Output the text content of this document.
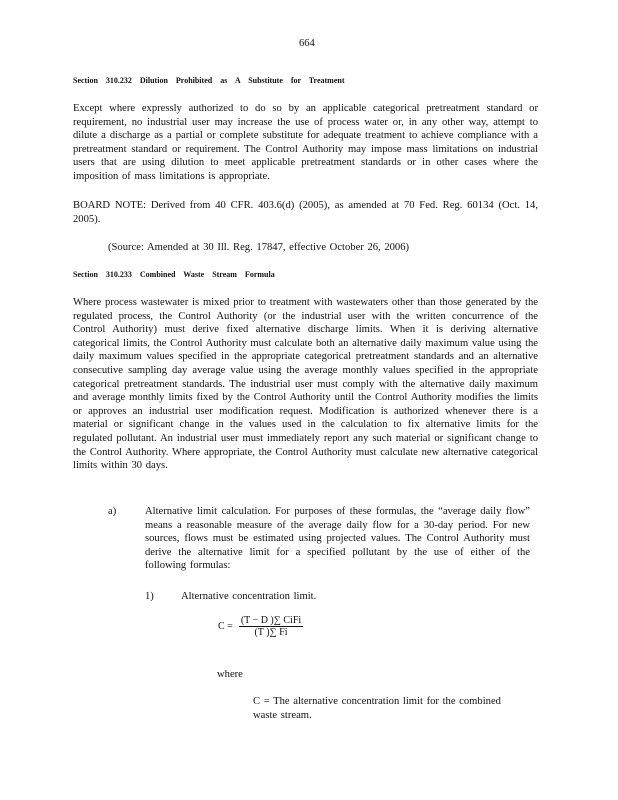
664
Section 310.232 Dilution Prohibited as A Substitute for Treatment
Except where expressly authorized to do so by an applicable categorical pretreatment standard or requirement, no industrial user may increase the use of process water or, in any other way, attempt to dilute a discharge as a partial or complete substitute for adequate treatment to achieve compliance with a pretreatment standard or requirement. The Control Authority may impose mass limitations on industrial users that are using dilution to meet applicable pretreatment standards or in other cases where the imposition of mass limitations is appropriate.
BOARD NOTE: Derived from 40 CFR. 403.6(d) (2005), as amended at 70 Fed. Reg. 60134 (Oct. 14, 2005).
(Source: Amended at 30 Ill. Reg. 17847, effective October 26, 2006)
Section 310.233 Combined Waste Stream Formula
Where process wastewater is mixed prior to treatment with wastewaters other than those generated by the regulated process, the Control Authority (or the industrial user with the written concurrence of the Control Authority) must derive fixed alternative discharge limits. When it is deriving alternative categorical limits, the Control Authority must calculate both an alternative daily maximum value using the daily maximum values specified in the appropriate categorical pretreatment standards and an alternative consecutive sampling day average value using the average monthly values specified in the appropriate categorical pretreatment standards. The industrial user must comply with the alternative daily maximum and average monthly limits fixed by the Control Authority until the Control Authority modifies the limits or approves an industrial user modification request. Modification is authorized whenever there is a material or significant change in the values used in the calculation to fix alternative limits for the regulated pollutant. An industrial user must immediately report any such material or significant change to the Control Authority. Where appropriate, the Control Authority must calculate new alternative categorical limits within 30 days.
a)	Alternative limit calculation. For purposes of these formulas, the “average daily flow” means a reasonable measure of the average daily flow for a 30-day period. For new sources, flows must be estimated using projected values. The Control Authority must derive the alternative limit for a specified pollutant by the use of either of the following formulas:
1)	Alternative concentration limit.
$C = \frac{\text{(T − D )∑ CiFi}}{(T )\sum Fi}$
where
C = The alternative concentration limit for the combined waste stream.
